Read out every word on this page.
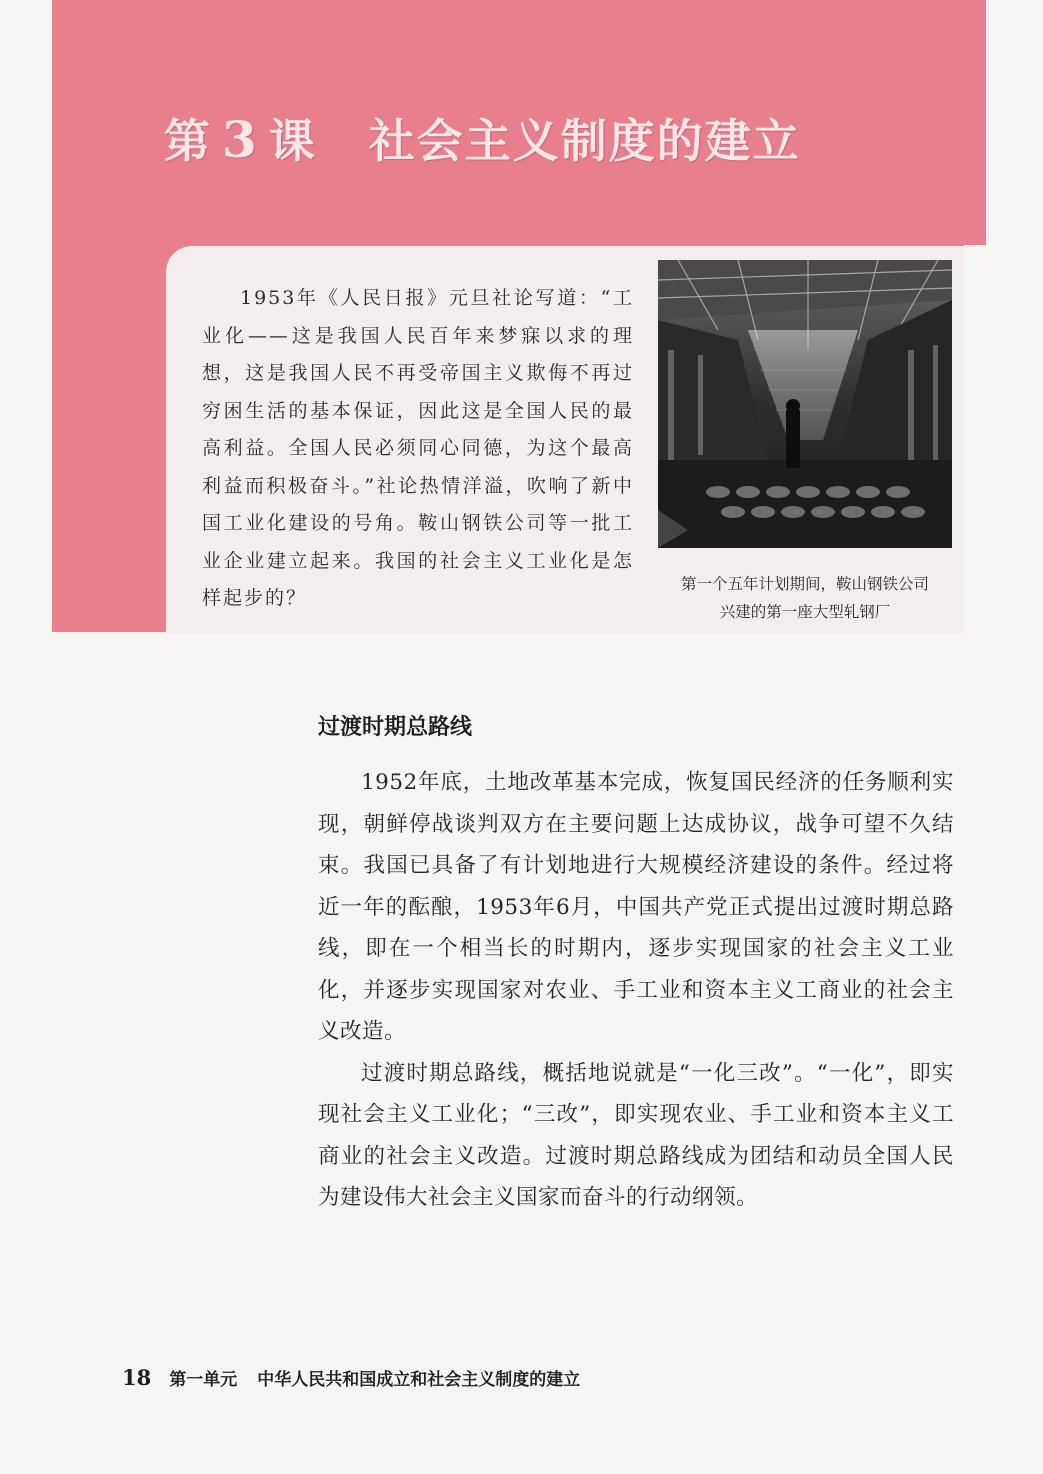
第 3 课 社会主义制度的建立
1953年《人民日报》元旦社论写道：“工业化——这是我国人民百年来梦寐以求的理想，这是我国人民不再受帝国主义欺侮不再过穷困生活的基本保证，因此这是全国人民的最高利益。全国人民必须同心同德，为这个最高利益而积极奋斗。”社论热情洋溢，吹响了新中国工业化建设的号角。鞍山钢铁公司等一批工业企业建立起来。我国的社会主义工业化是怎样起步的？
第一个五年计划期间，鞍山钢铁公司
兴建的第一座大型轧钢厂
过渡时期总路线

1952年底，土地改革基本完成，恢复国民经济的任务顺利实现，朝鲜停战谈判双方在主要问题上达成协议，战争可望不久结束。我国已具备了有计划地进行大规模经济建设的条件。经过将近一年的酝酿，1953年6月，中国共产党正式提出过渡时期总路线，即在一个相当长的时期内，逐步实现国家的社会主义工业化，并逐步实现国家对农业、手工业和资本主义工商业的社会主义改造。

过渡时期总路线，概括地说就是“一化三改”。“一化”，即实现社会主义工业化；“三改”，即实现农业、手工业和资本主义工商业的社会主义改造。过渡时期总路线成为团结和动员全国人民为建设伟大社会主义国家而奋斗的行动纲领。

18 第一单元 中华人民共和国成立和社会主义制度的建立
